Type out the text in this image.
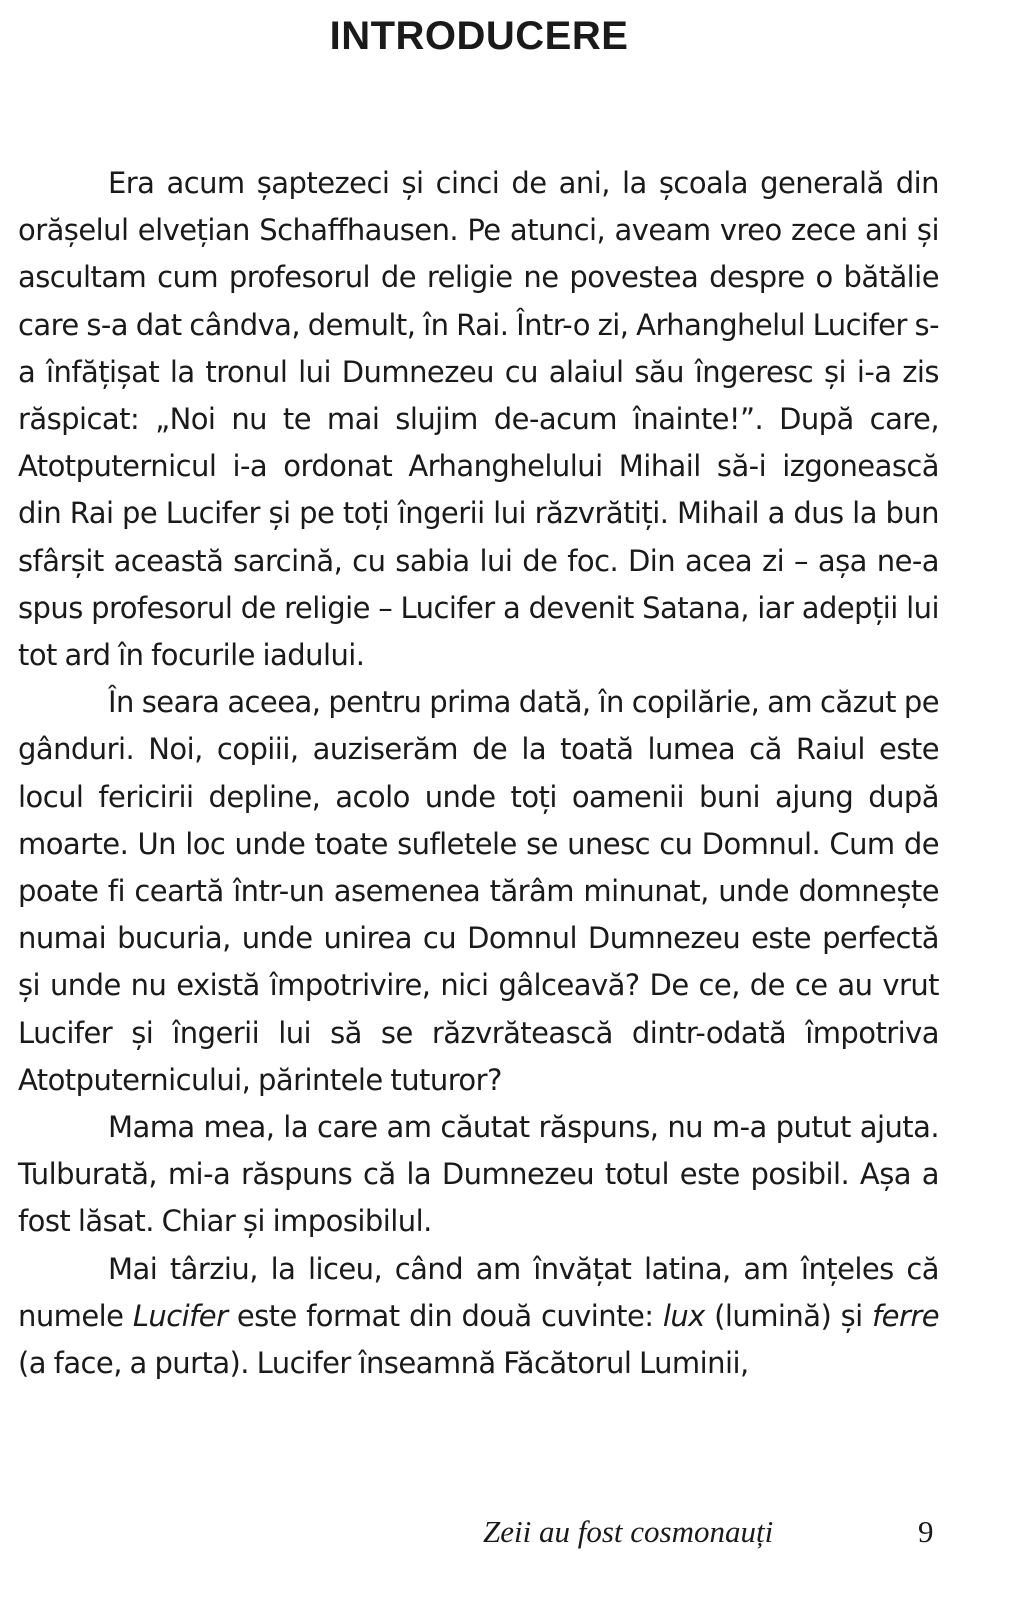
INTRODUCERE

Era acum șaptezeci și cinci de ani, la școala generală din orășelul elvețian Schaffhausen. Pe atunci, aveam vreo zece ani și ascultam cum profesorul de religie ne povestea despre o bătălie care s-a dat cândva, demult, în Rai. Într-o zi, Arhanghelul Lucifer s-a înfățișat la tronul lui Dumnezeu cu alaiul său îngeresc și i-a zis răspicat: „Noi nu te mai slujim de-acum înainte!”. După care, Atotputernicul i-a ordonat Arhanghelului Mihail să-i izgonească din Rai pe Lucifer și pe toți îngerii lui răzvrătiți. Mihail a dus la bun sfârșit această sarcină, cu sabia lui de foc. Din acea zi – așa ne-a spus profesorul de religie – Lucifer a devenit Satana, iar adepții lui tot ard în focurile iadului.

În seara aceea, pentru prima dată, în copilărie, am căzut pe gânduri. Noi, copiii, auziserăm de la toată lumea că Raiul este locul fericirii depline, acolo unde toți oamenii buni ajung după moarte. Un loc unde toate sufletele se unesc cu Domnul. Cum de poate fi ceartă într-un asemenea tărâm minunat, unde domnește numai bucuria, unde unirea cu Domnul Dumnezeu este perfectă și unde nu există împotrivire, nici gâlceavă? De ce, de ce au vrut Lucifer și îngerii lui să se răzvrătească dintr-odată împotriva Atotputernicului, părintele tuturor?

Mama mea, la care am căutat răspuns, nu m-a putut ajuta. Tulburată, mi-a răspuns că la Dumnezeu totul este posibil. Așa a fost lăsat. Chiar și imposibilul.

Mai târziu, la liceu, când am învățat latina, am înțeles că numele Lucifer este format din două cuvinte: lux (lumină) și ferre (a face, a purta). Lucifer înseamnă Făcătorul Luminii,

Zeii au fost cosmonauți	9
